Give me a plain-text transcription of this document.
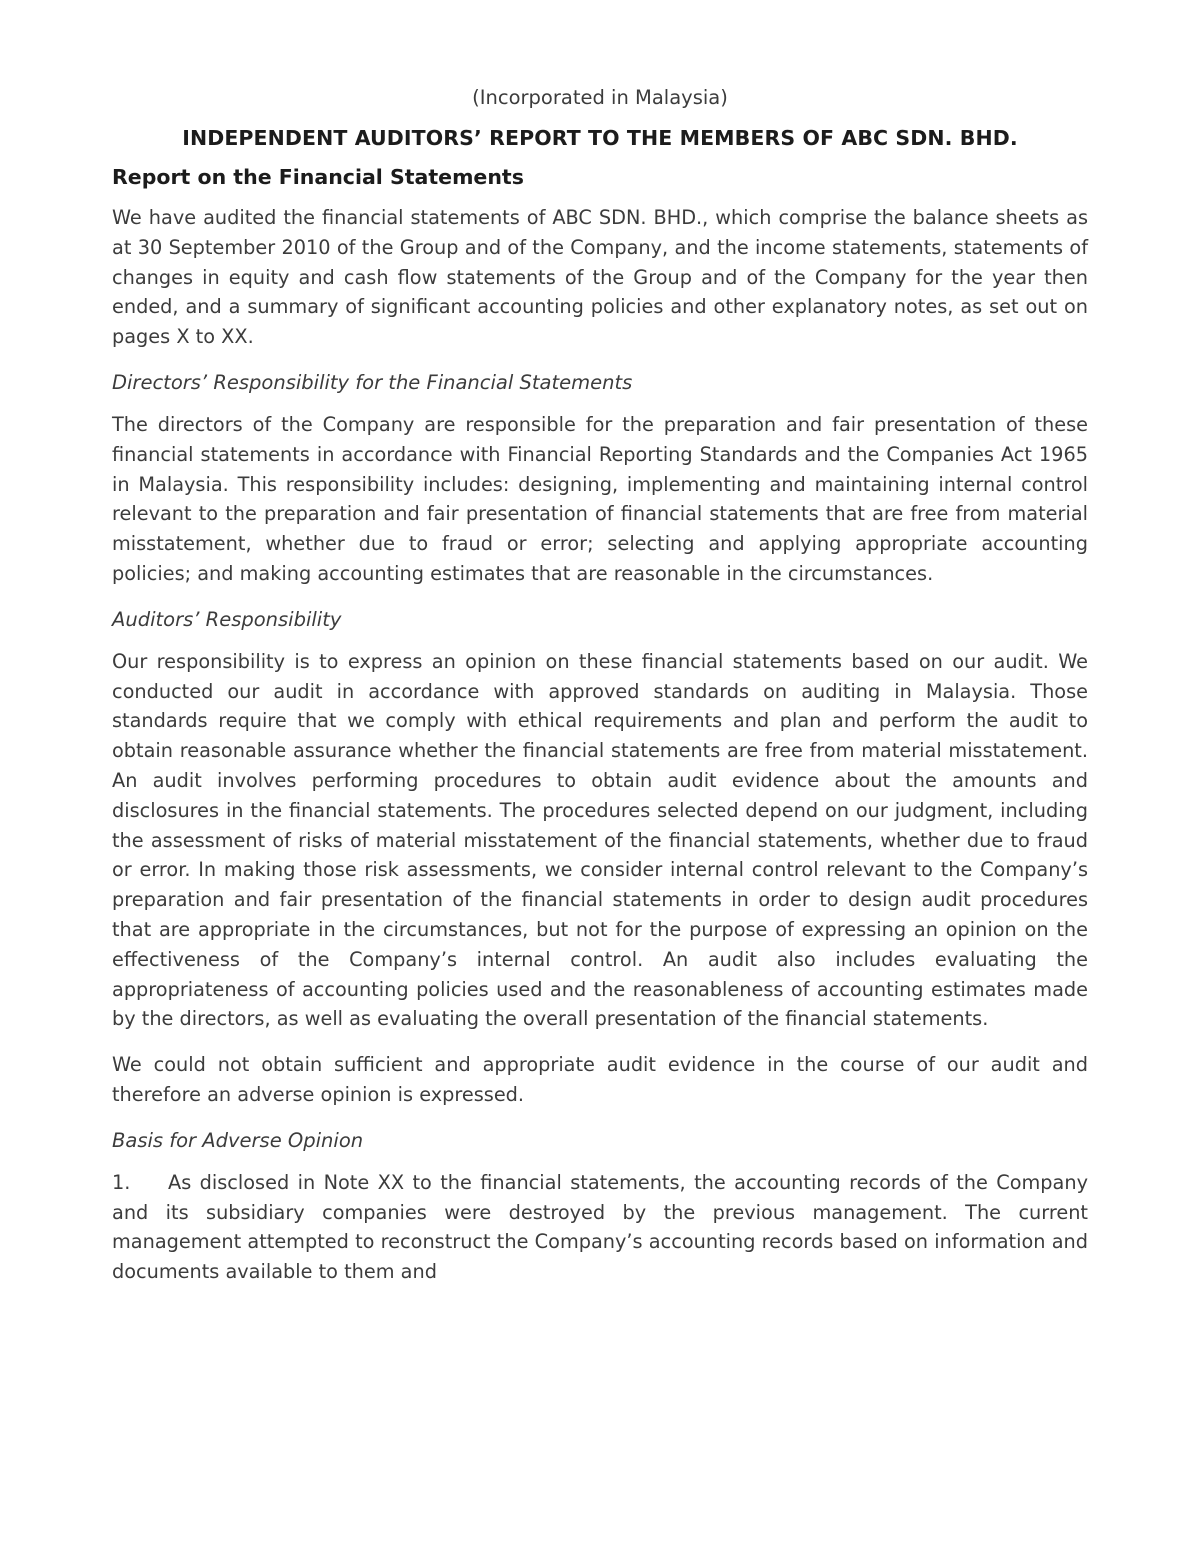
(Incorporated in Malaysia)
INDEPENDENT AUDITORS’ REPORT TO THE MEMBERS OF ABC SDN. BHD.
Report on the Financial Statements

We have audited the financial statements of ABC SDN. BHD., which comprise the balance sheets as at 30 September 2010 of the Group and of the Company, and the income statements, statements of changes in equity and cash flow statements of the Group and of the Company for the year then ended, and a summary of significant accounting policies and other explanatory notes, as set out on pages X to XX.

Directors’ Responsibility for the Financial Statements

The directors of the Company are responsible for the preparation and fair presentation of these financial statements in accordance with Financial Reporting Standards and the Companies Act 1965 in Malaysia. This responsibility includes: designing, implementing and maintaining internal control relevant to the preparation and fair presentation of financial statements that are free from material misstatement, whether due to fraud or error; selecting and applying appropriate accounting policies; and making accounting estimates that are reasonable in the circumstances.

Auditors’ Responsibility

Our responsibility is to express an opinion on these financial statements based on our audit. We conducted our audit in accordance with approved standards on auditing in Malaysia. Those standards require that we comply with ethical requirements and plan and perform the audit to obtain reasonable assurance whether the financial statements are free from material misstatement. An audit involves performing procedures to obtain audit evidence about the amounts and disclosures in the financial statements. The procedures selected depend on our judgment, including the assessment of risks of material misstatement of the financial statements, whether due to fraud or error. In making those risk assessments, we consider internal control relevant to the Company’s preparation and fair presentation of the financial statements in order to design audit procedures that are appropriate in the circumstances, but not for the purpose of expressing an opinion on the effectiveness of the Company’s internal control. An audit also includes evaluating the appropriateness of accounting policies used and the reasonableness of accounting estimates made by the directors, as well as evaluating the overall presentation of the financial statements.

We could not obtain sufficient and appropriate audit evidence in the course of our audit and therefore an adverse opinion is expressed.

Basis for Adverse Opinion

1. As disclosed in Note XX to the financial statements, the accounting records of the Company and its subsidiary companies were destroyed by the previous management. The current management attempted to reconstruct the Company’s accounting records based on information and documents available to them and
